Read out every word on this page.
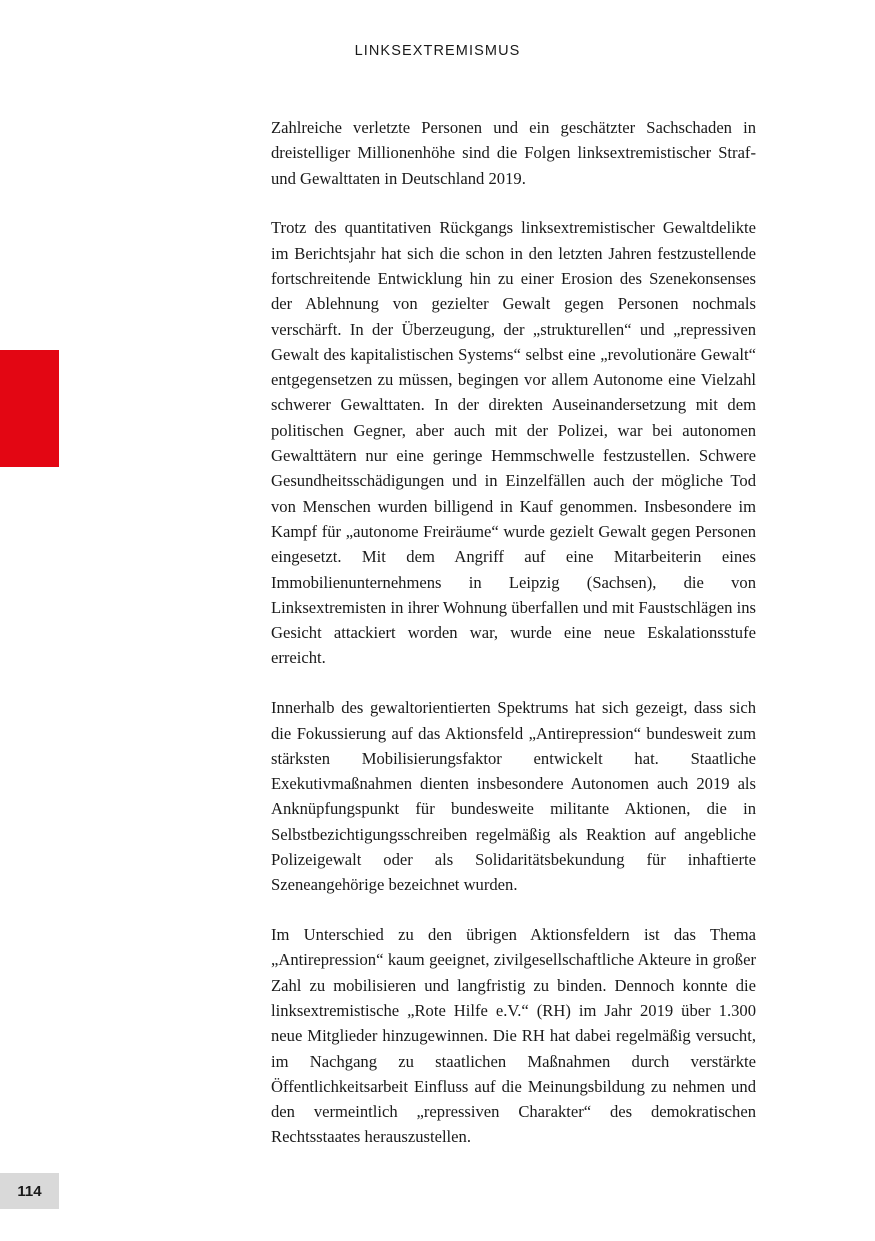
LINKSEXTREMISMUS

Zahlreiche verletzte Personen und ein geschätzter Sachschaden in dreistelliger Millionenhöhe sind die Folgen linksextremistischer Straf- und Gewalttaten in Deutschland 2019.

Trotz des quantitativen Rückgangs linksextremistischer Gewaltdelikte im Berichtsjahr hat sich die schon in den letzten Jahren festzustellende fortschreitende Entwicklung hin zu einer Erosion des Szenekonsenses der Ablehnung von gezielter Gewalt gegen Personen nochmals verschärft. In der Überzeugung, der „strukturellen“ und „repressiven Gewalt des kapitalistischen Systems“ selbst eine „revolutionäre Gewalt“ entgegensetzen zu müssen, begingen vor allem Autonome eine Vielzahl schwerer Gewalttaten. In der direkten Auseinandersetzung mit dem politischen Gegner, aber auch mit der Polizei, war bei autonomen Gewalttätern nur eine geringe Hemmschwelle festzustellen. Schwere Gesundheitsschädigungen und in Einzelfällen auch der mögliche Tod von Menschen wurden billigend in Kauf genommen. Insbesondere im Kampf für „autonome Freiräume“ wurde gezielt Gewalt gegen Personen eingesetzt. Mit dem Angriff auf eine Mitarbeiterin eines Immobilienunternehmens in Leipzig (Sachsen), die von Linksextremisten in ihrer Wohnung überfallen und mit Faustschlägen ins Gesicht attackiert worden war, wurde eine neue Eskalationsstufe erreicht.

Innerhalb des gewaltorientierten Spektrums hat sich gezeigt, dass sich die Fokussierung auf das Aktionsfeld „Antirepression“ bundesweit zum stärksten Mobilisierungsfaktor entwickelt hat. Staatliche Exekutivmaßnahmen dienten insbesondere Autonomen auch 2019 als Anknüpfungspunkt für bundesweite militante Aktionen, die in Selbstbezichtigungsschreiben regelmäßig als Reaktion auf angebliche Polizeigewalt oder als Solidaritätsbekundung für inhaftierte Szeneangehörige bezeichnet wurden.

Im Unterschied zu den übrigen Aktionsfeldern ist das Thema „Antirepression“ kaum geeignet, zivilgesellschaftliche Akteure in großer Zahl zu mobilisieren und langfristig zu binden. Dennoch konnte die linksextremistische „Rote Hilfe e.V.“ (RH) im Jahr 2019 über 1.300 neue Mitglieder hinzugewinnen. Die RH hat dabei regelmäßig versucht, im Nachgang zu staatlichen Maßnahmen durch verstärkte Öffentlichkeitsarbeit Einfluss auf die Meinungsbildung zu nehmen und den vermeintlich „repressiven Charakter“ des demokratischen Rechtsstaates herauszustellen.

114
